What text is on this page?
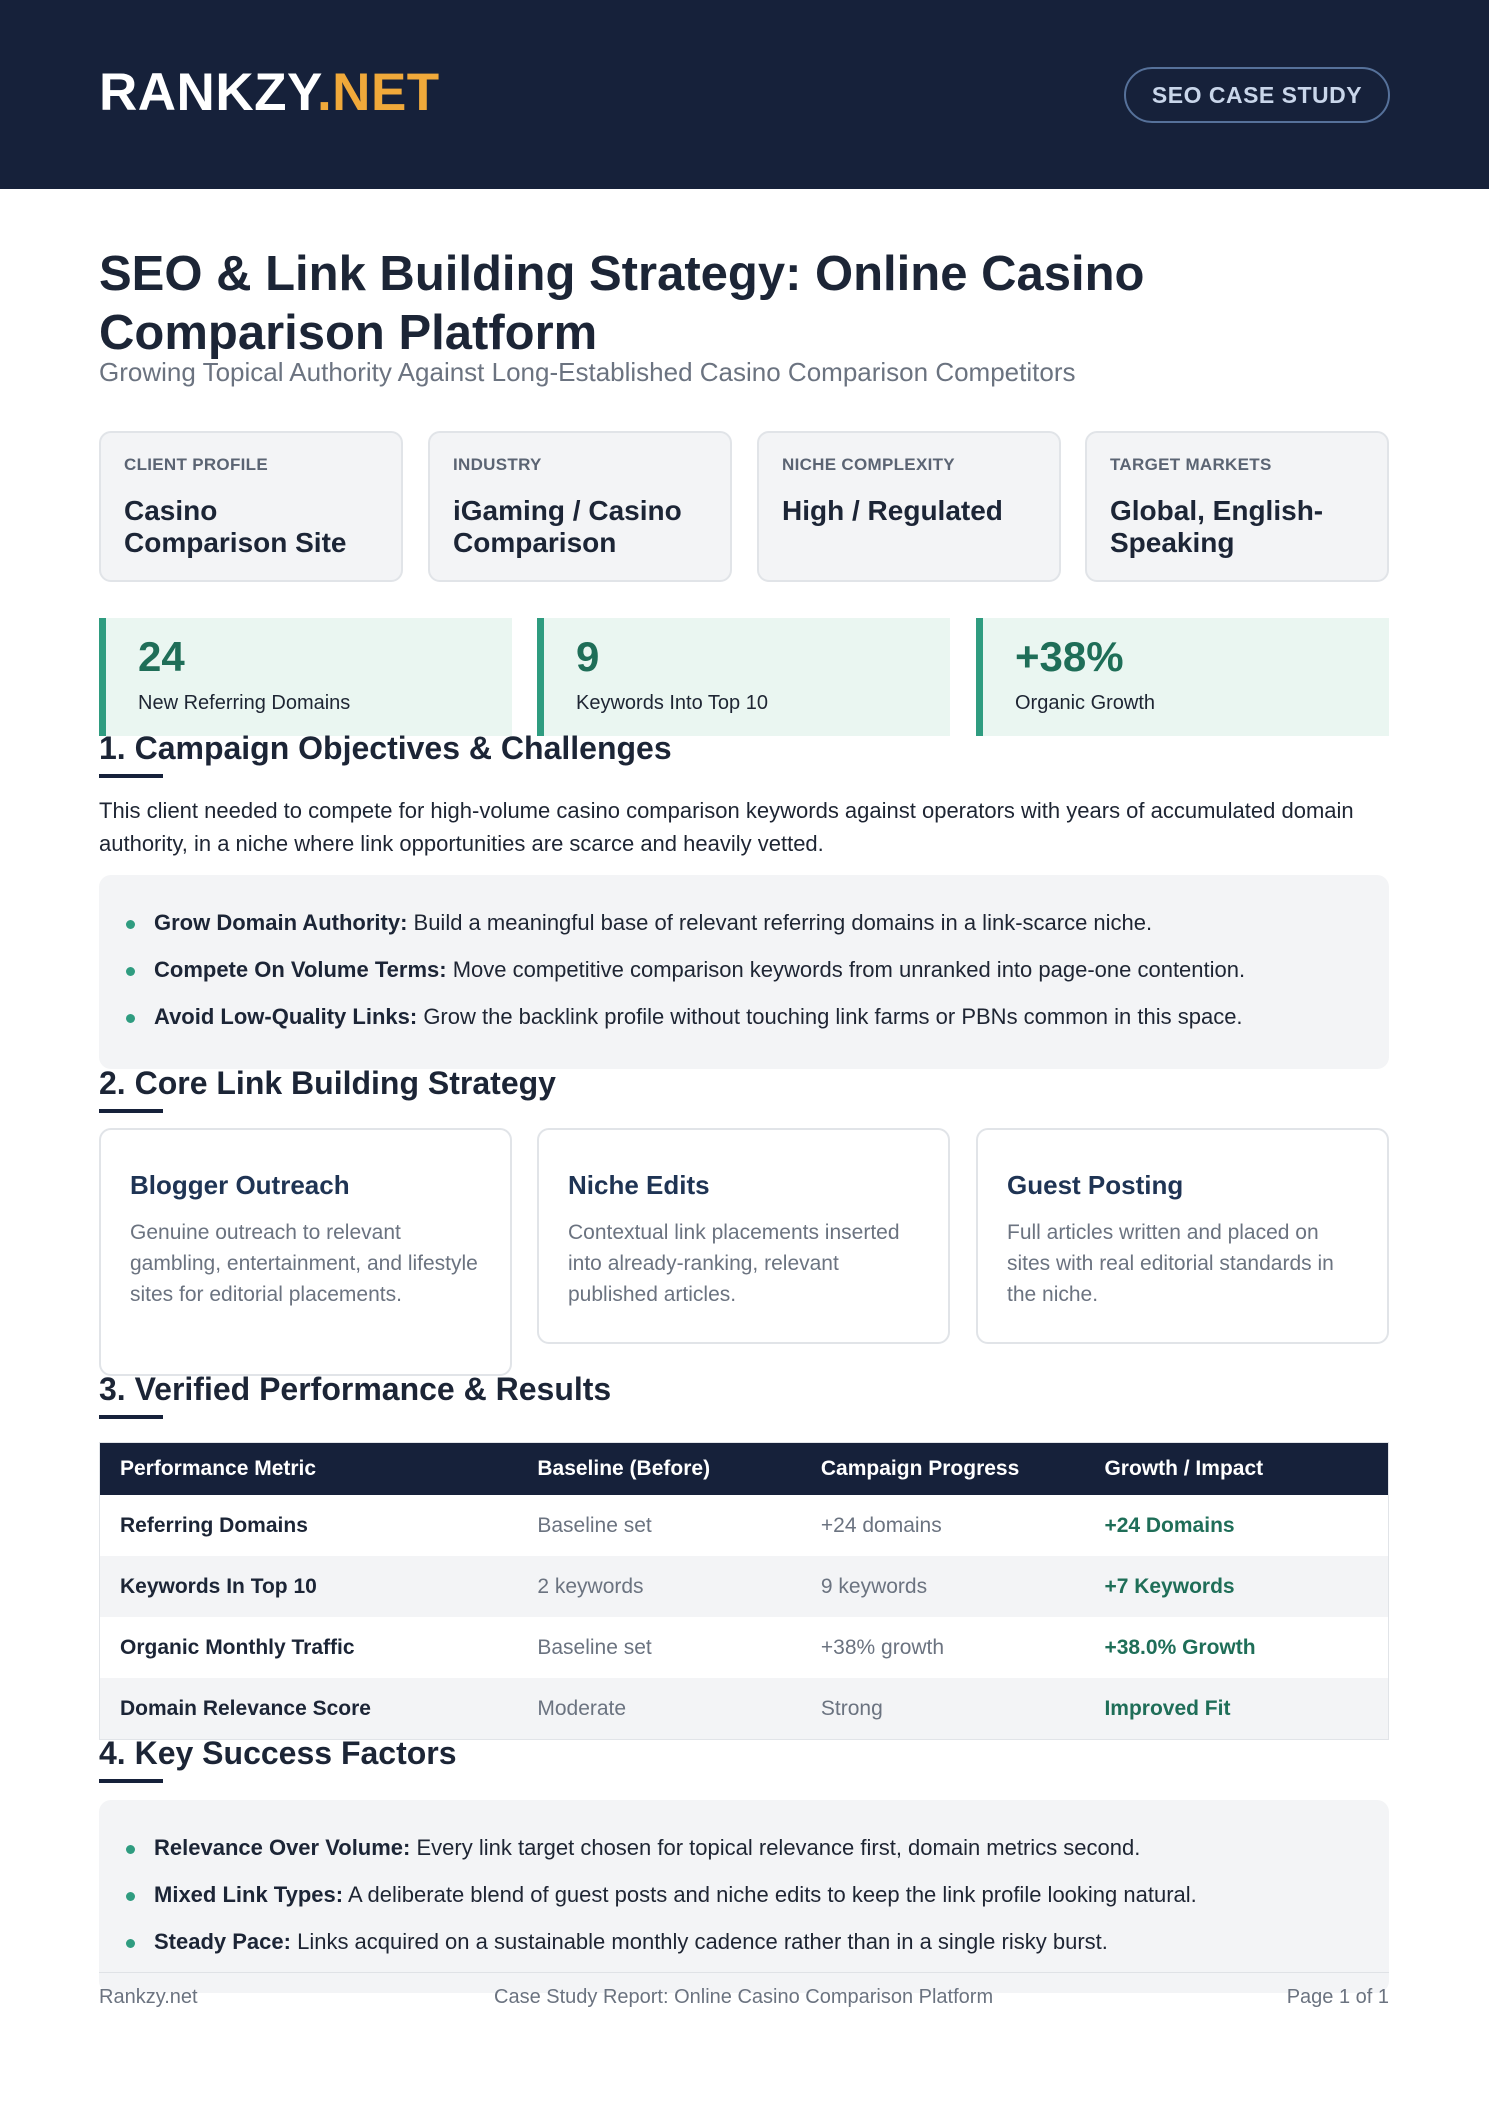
RANKZY.NET	SEO CASE STUDY
SEO & Link Building Strategy: Online Casino Comparison Platform
Growing Topical Authority Against Long-Established Casino Comparison Competitors
CLIENT PROFILE
Casino Comparison Site
INDUSTRY
iGaming / Casino Comparison
NICHE COMPLEXITY
High / Regulated
TARGET MARKETS
Global, English-Speaking
24
New Referring Domains
9
Keywords Into Top 10
+38%
Organic Growth
1. Campaign Objectives & Challenges
This client needed to compete for high-volume casino comparison keywords against operators with years of accumulated domain authority, in a niche where link opportunities are scarce and heavily vetted.
Grow Domain Authority: Build a meaningful base of relevant referring domains in a link-scarce niche.
Compete On Volume Terms: Move competitive comparison keywords from unranked into page-one contention.
Avoid Low-Quality Links: Grow the backlink profile without touching link farms or PBNs common in this space.
2. Core Link Building Strategy
Blogger Outreach
Genuine outreach to relevant gambling, entertainment, and lifestyle sites for editorial placements.
Niche Edits
Contextual link placements inserted into already-ranking, relevant published articles.
Guest Posting
Full articles written and placed on sites with real editorial standards in the niche.
3. Verified Performance & Results
Performance Metric	Baseline (Before)	Campaign Progress	Growth / Impact
Referring Domains	Baseline set	+24 domains	+24 Domains
Keywords In Top 10	2 keywords	9 keywords	+7 Keywords
Organic Monthly Traffic	Baseline set	+38% growth	+38.0% Growth
Domain Relevance Score	Moderate	Strong	Improved Fit
4. Key Success Factors
Relevance Over Volume: Every link target chosen for topical relevance first, domain metrics second.
Mixed Link Types: A deliberate blend of guest posts and niche edits to keep the link profile looking natural.
Steady Pace: Links acquired on a sustainable monthly cadence rather than in a single risky burst.
Rankzy.net	Case Study Report: Online Casino Comparison Platform	Page 1 of 1
